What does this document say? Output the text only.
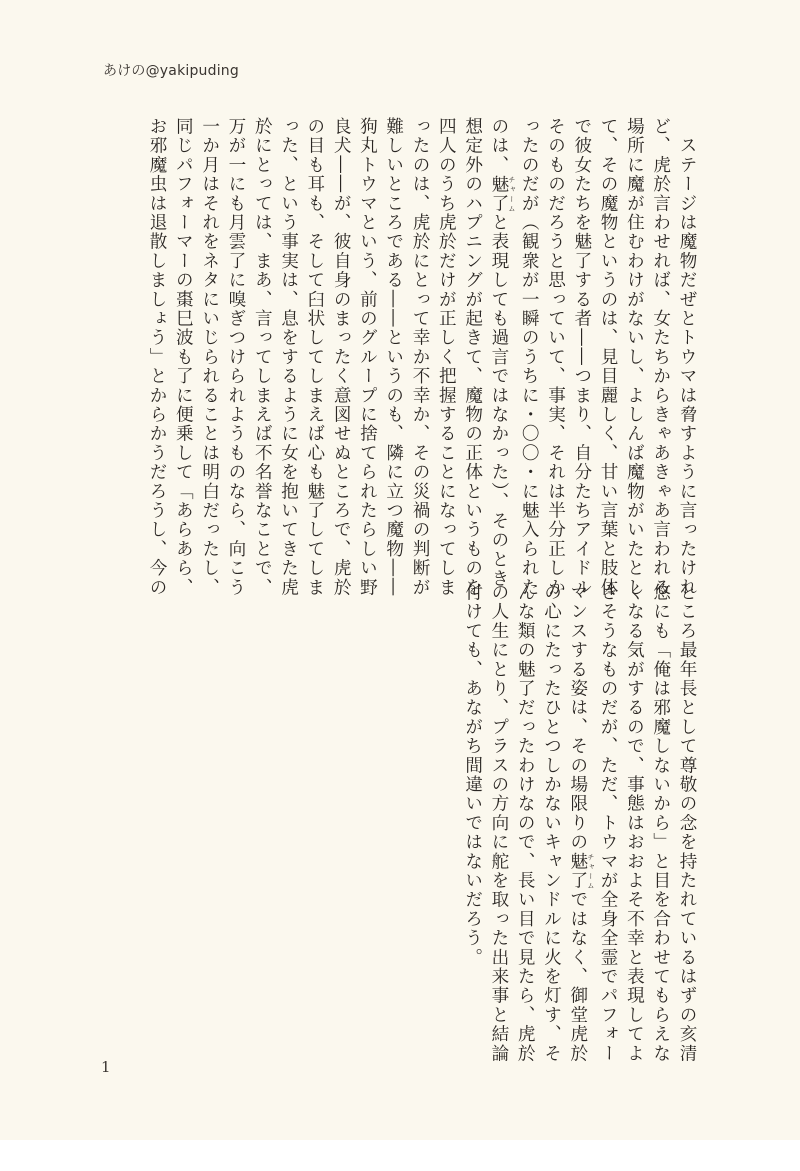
あけの@yakipuding
　ステージは魔物だぜとトウマは脅すように言ったけれ
ど、虎於言わせれば、女たちからきゃあきゃあ言われる
場所に魔が住むわけがないし、よしんば魔物がいたとし
て、その魔物というのは、見目麗しく、甘い言葉と肢体
で彼女たちを魅了する者――つまり、自分たちアイドル
そのものだろうと思っていて、事実、それは半分正しか
ったのだが（観衆が一瞬のうちに・〇〇・に魅入られた
のは、魅了 チャームと表現しても過言ではなかった）、そのとき
想定外のハプニングが起きて、魔物の正体というものを
四人のうち虎於だけが正しく把握することになってしま
ったのは、虎於にとって幸か不幸か、その災禍の判断が
難しいところである――というのも、隣に立つ魔物――
狗丸トウマという、前のグループに捨てられたらしい野
良犬――が、彼自身のまったく意図せぬところで、虎於
の目も耳も、そして臼状してしまえば心も魅了してしま
った、という事実は、息をするように女を抱いてきた虎
於にとっては、まあ、言ってしまえば不名誉なことで、
万が一にも月雲了に嗅ぎつけられようものなら、向こう
一か月はそれをネタにいじられることは明白だったし、
同じパフォーマーの棗巳波も了に便乗して「あらあら、
お邪魔虫は退散しましょう」とからかうだろうし、今の
ところ最年長として尊敬の念を持たれているはずの亥清
悠にも「俺は邪魔しないから」と目を合わせてもらえな
くなる気がするので、事態はおおよそ不幸と表現してよ
さそうなものだが、ただ、トウマが全身全霊でパフォー
マンスする姿は、その場限りの魅了 チャームではなく、御堂虎於
の心にたったひとつしかないキャンドルに火を灯す、そ
んな類の魅了だったわけなので、長い目で見たら、虎於
の人生にとり、プラスの方向に舵を取った出来事と結論
付けても、あながち間違いではないだろう。
1
